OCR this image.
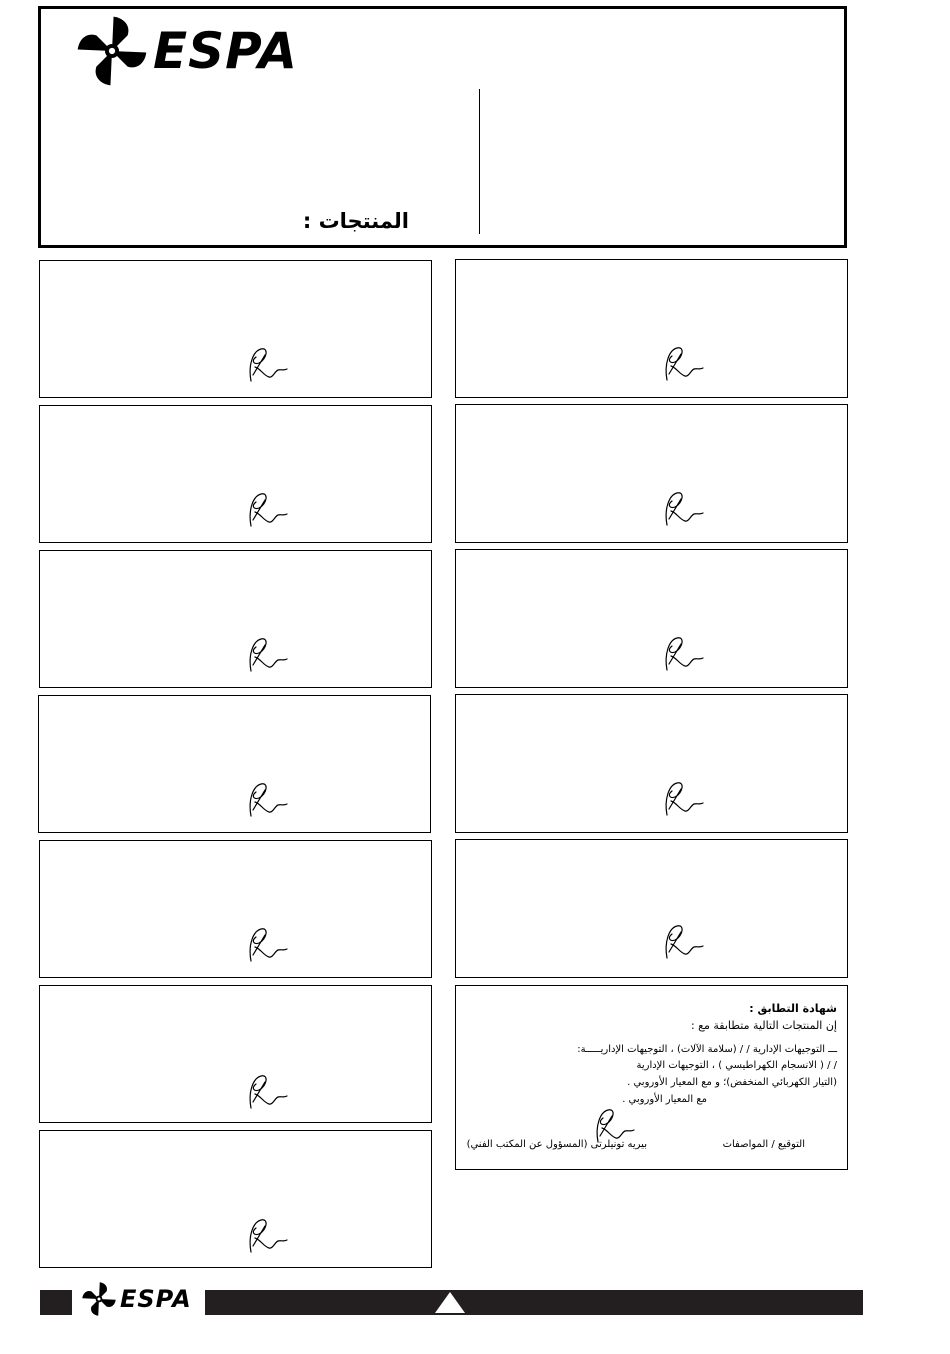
ESPA
المنتجات :
شهادة التطابق :
إن المنتجات التالية متطابقة مع :
ـــ التوجيهات الإدارية / / (سلامة الآلات) ، التوجيهات الإداريـــــة:
/ / ( الانسجام الكهراطيسي ) ، التوجيهات الإدارية
(التيار الكهربائي المنخفض)؛ و مع المعيار الأوروبي .
مع المعيار الأوروبي .
بيريه تونيلرتى (المسؤول عن المكتب الفني)	التوقيع / المواصفات
ESPA
